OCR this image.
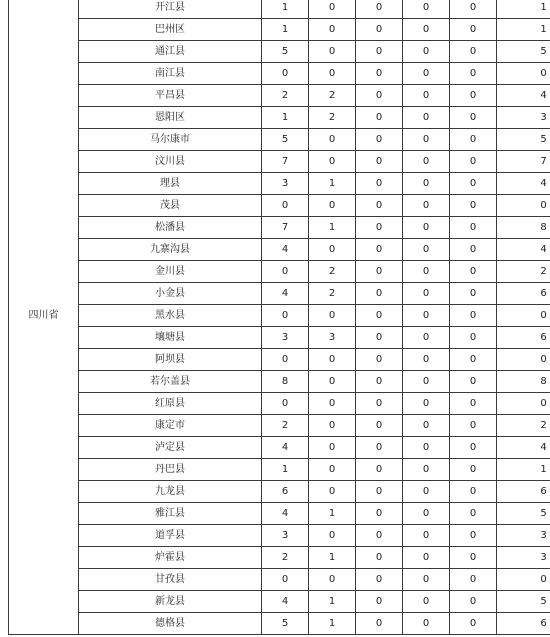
四川省	开江县	1	0	0	0	0	1
	巴州区	1	0	0	0	0	1
	通江县	5	0	0	0	0	5
	南江县	0	0	0	0	0	0
	平昌县	2	2	0	0	0	4
	恩阳区	1	2	0	0	0	3
	马尔康市	5	0	0	0	0	5
	汶川县	7	0	0	0	0	7
	理县	3	1	0	0	0	4
	茂县	0	0	0	0	0	0
	松潘县	7	1	0	0	0	8
	九寨沟县	4	0	0	0	0	4
	金川县	0	2	0	0	0	2
	小金县	4	2	0	0	0	6
	黑水县	0	0	0	0	0	0
	壤塘县	3	3	0	0	0	6
	阿坝县	0	0	0	0	0	0
	若尔盖县	8	0	0	0	0	8
	红原县	0	0	0	0	0	0
	康定市	2	0	0	0	0	2
	泸定县	4	0	0	0	0	4
	丹巴县	1	0	0	0	0	1
	九龙县	6	0	0	0	0	6
	雅江县	4	1	0	0	0	5
	道孚县	3	0	0	0	0	3
	炉霍县	2	1	0	0	0	3
	甘孜县	0	0	0	0	0	0
	新龙县	4	1	0	0	0	5
	德格县	5	1	0	0	0	6
